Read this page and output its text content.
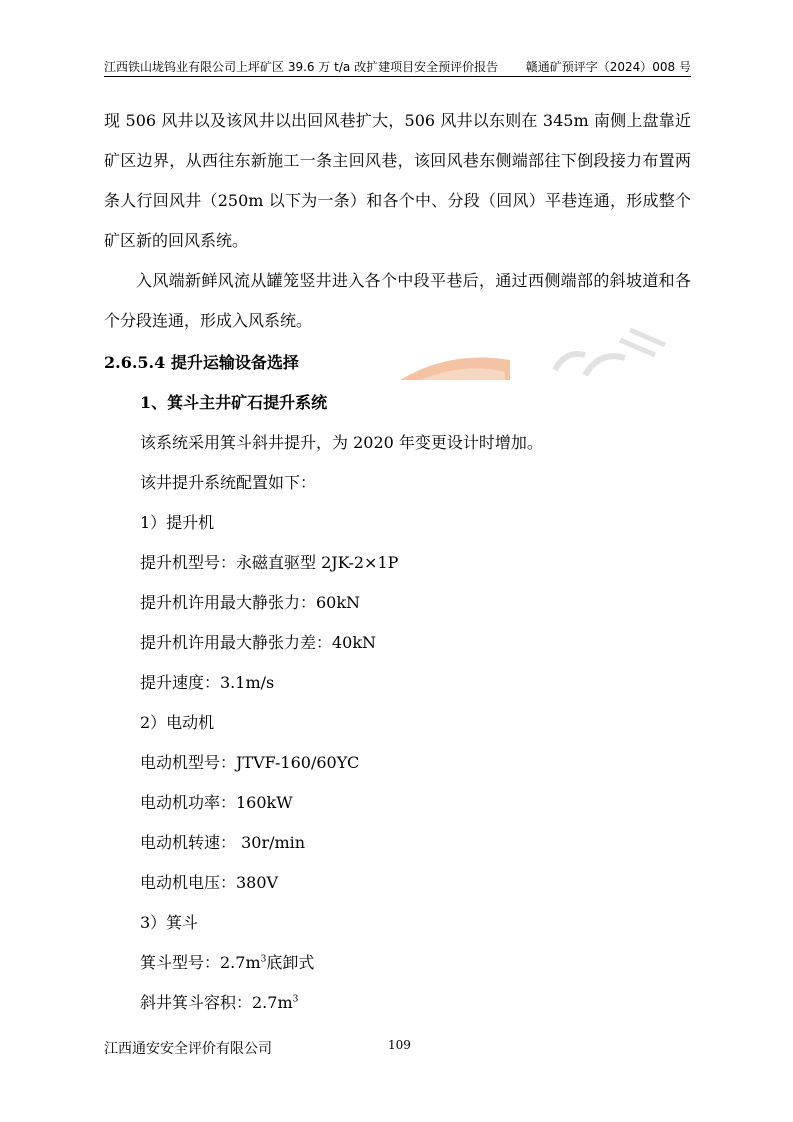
江西铁山垅钨业有限公司上坪矿区 39.6 万 t/a 改扩建项目安全预评价报告 赣通矿预评字（2024）008 号

现 506 风井以及该风井以出回风巷扩大，506 风井以东则在 345m 南侧上盘靠近矿区边界，从西往东新施工一条主回风巷，该回风巷东侧端部往下倒段接力布置两条人行回风井（250m 以下为一条）和各个中、分段（回风）平巷连通，形成整个矿区新的回风系统。

入风端新鲜风流从罐笼竖井进入各个中段平巷后，通过西侧端部的斜坡道和各个分段连通，形成入风系统。

2.6.5.4 提升运输设备选择
1、箕斗主井矿石提升系统
该系统采用箕斗斜井提升，为 2020 年变更设计时增加。
该井提升系统配置如下：
1）提升机
提升机型号：永磁直驱型 2JK-2×1P
提升机许用最大静张力：60kN
提升机许用最大静张力差：40kN
提升速度：3.1m/s
2）电动机
电动机型号：JTVF-160/60YC
电动机功率：160kW
电动机转速： 30r/min
电动机电压：380V
3）箕斗
箕斗型号：$2.7m^3$底卸式
斜井箕斗容积：$2.7m^3$
江西通安安全评价有限公司	109
